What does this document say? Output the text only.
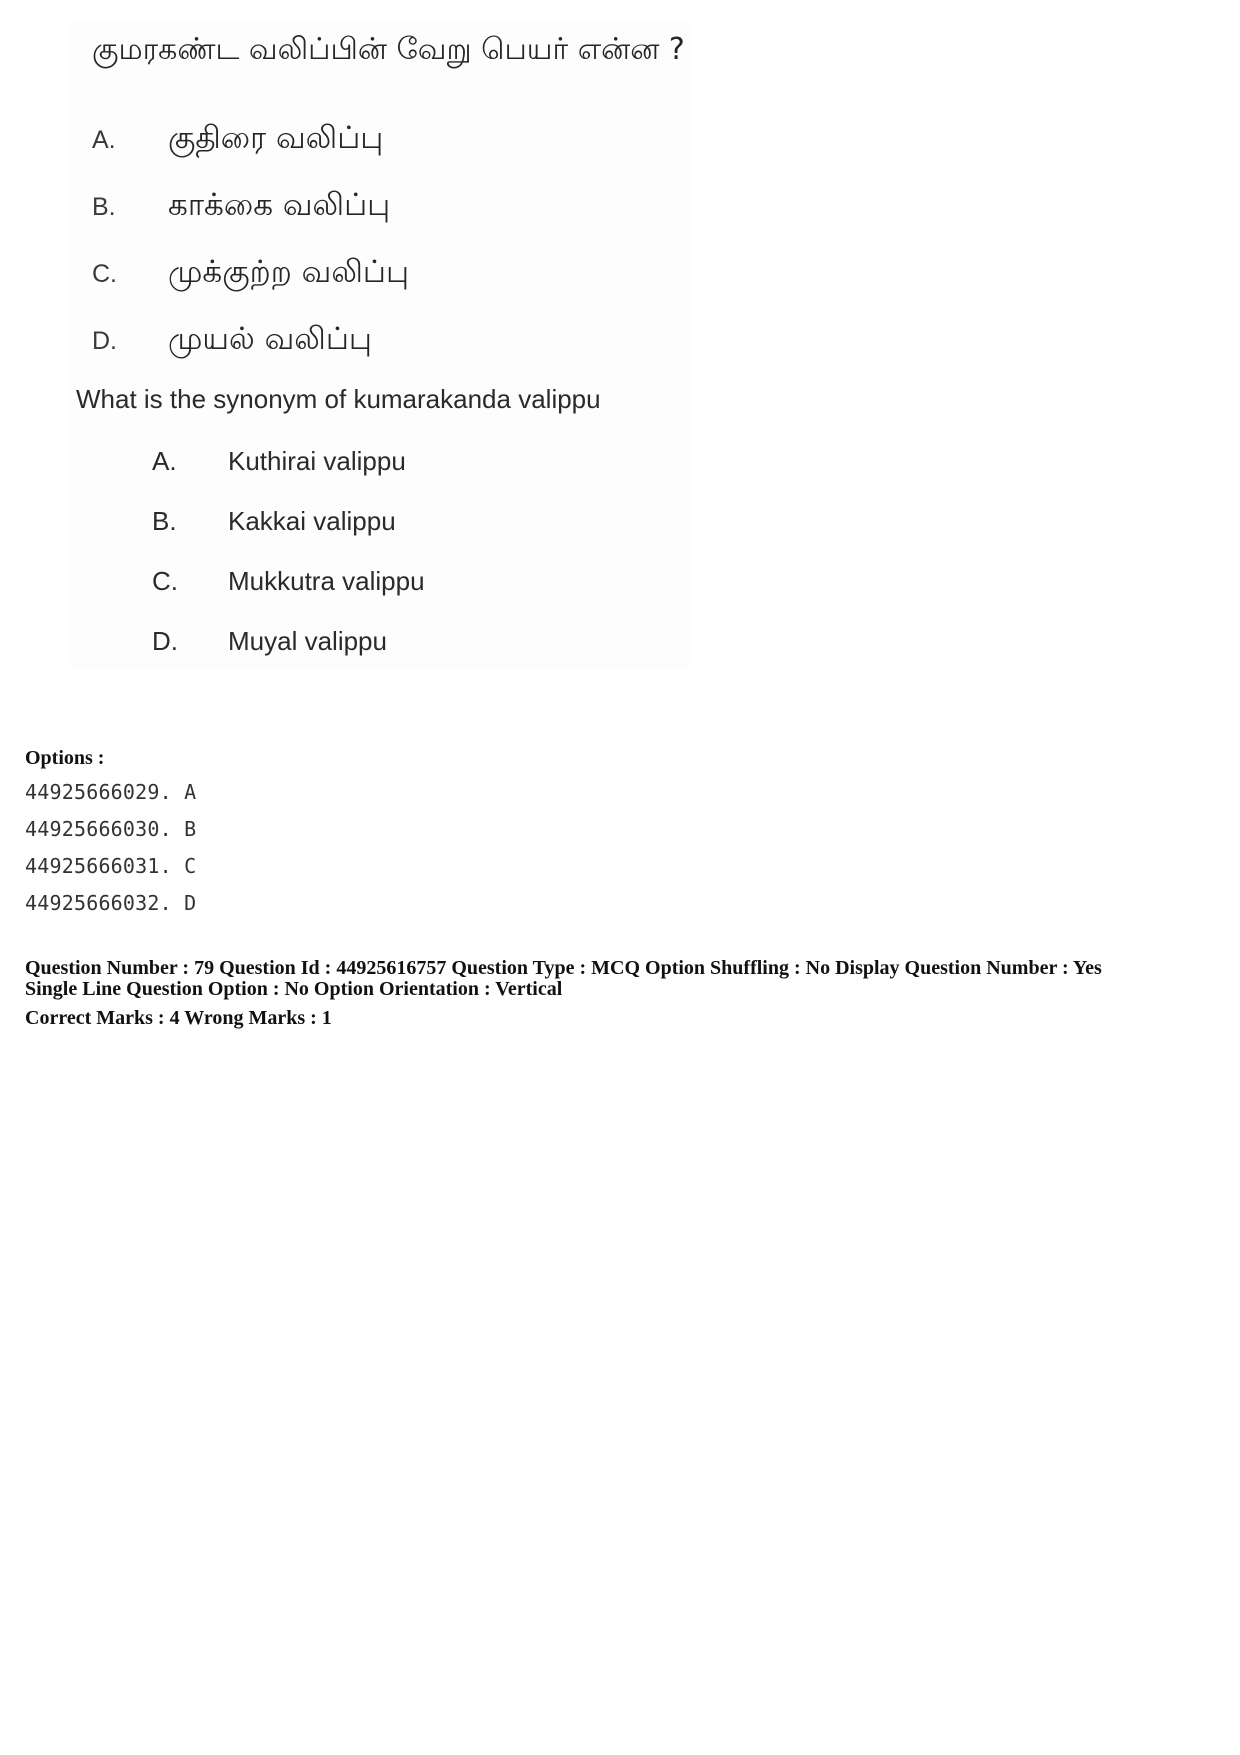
குமரகண்ட வலிப்பின் வேறு பெயர் என்ன ?
A. குதிரை வலிப்பு
B. காக்கை வலிப்பு
C. முக்குற்ற வலிப்பு
D. முயல் வலிப்பு
What is the synonym of kumarakanda valippu
A. Kuthirai valippu
B. Kakkai valippu
C. Mukkutra valippu
D. Muyal valippu
Options :
44925666029. A
44925666030. B
44925666031. C
44925666032. D
Question Number : 79 Question Id : 44925616757 Question Type : MCQ Option Shuffling : No Display Question Number : Yes
Single Line Question Option : No Option Orientation : Vertical
Correct Marks : 4 Wrong Marks : 1
